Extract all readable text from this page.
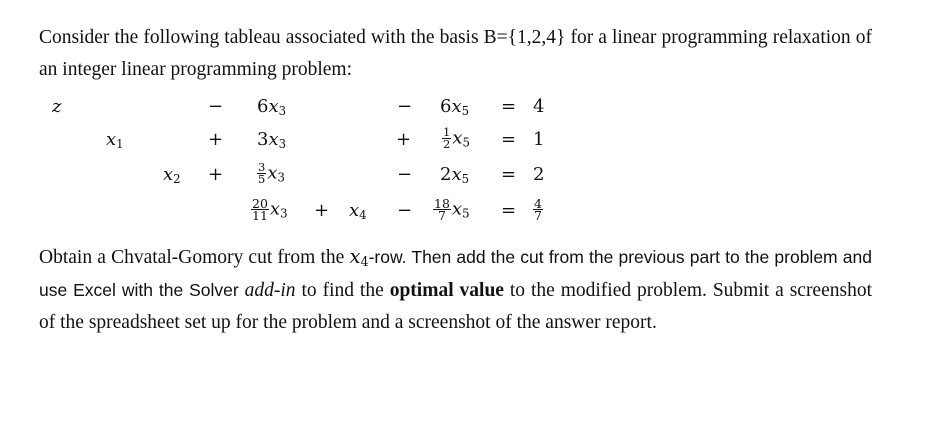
Consider the following tableau associated with the basis B={1,2,4} for a linear programming relaxation of an integer linear programming problem:
z	− $6x_3$	− $6x_5 = 4$
$x_1$	+ $3x_3$	+	$\frac{1}{2} x_5 = 1$
$x_2$ +	$\frac{3}{5} x_3$	− $2x_5 = 2$
$\frac{20}{11} x_3 + x_4 - \frac{18}{7} x_5 = \frac{4}{7}$
Obtain a Chvatal-Gomory cut from the $x_4$-row. Then add the cut from the previous part to the problem and use Excel with the Solver add-in to find the optimal value to the modified problem. Submit a screenshot of the spreadsheet set up for the problem and a screenshot of the answer report.
